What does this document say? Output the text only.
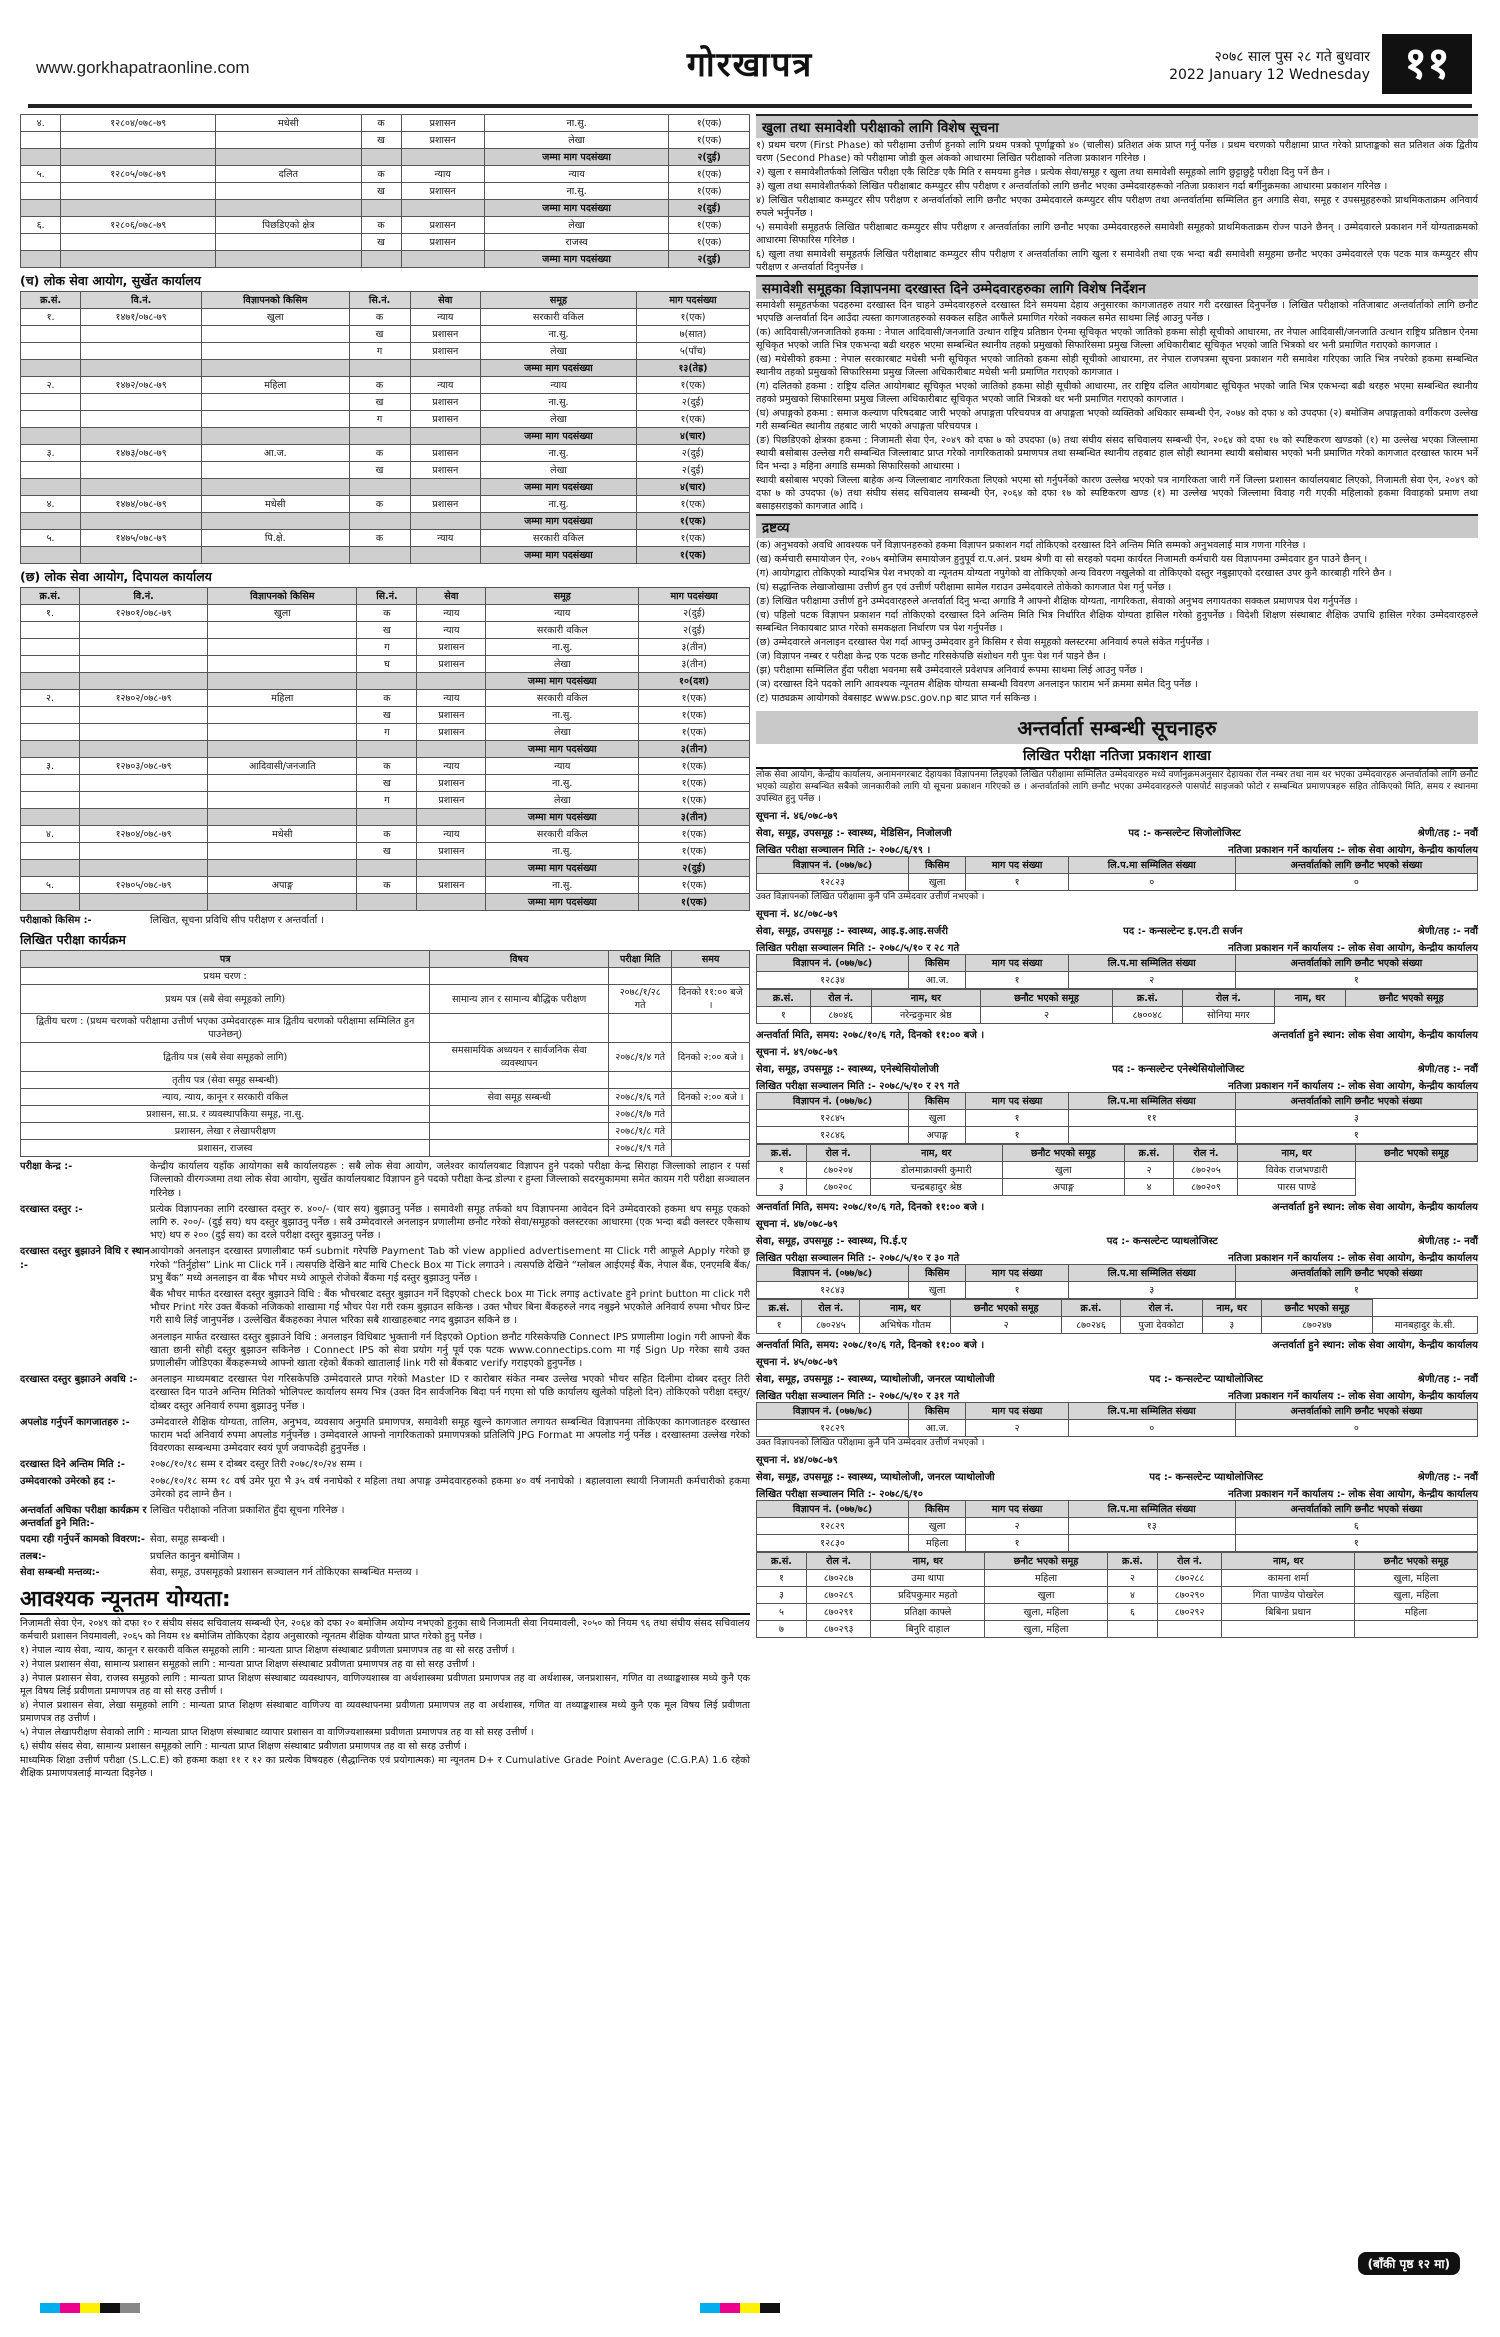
www.gorkhapatraonline.com	गोरखापत्र	२०७८ साल पुस २८ गते बुधवार
2022 January 12 Wednesday ११
४.	१२८०४/०७८-७९	मधेसी	क	प्रशासन	ना.सु.	१(एक)
			ख	प्रशासन	लेखा	१(एक)
					जम्मा माग पदसंख्या	२(दुई)
५.	१२८०५/०७८-७९	दलित	क	न्याय	न्याय	१(एक)
			ख	प्रशासन	ना.सु.	१(एक)
					जम्मा माग पदसंख्या	२(दुई)
६.	१२८०६/०७८-७९	पिछडिएको क्षेत्र	क	प्रशासन	लेखा	१(एक)
			ख	प्रशासन	राजस्व	१(एक)
					जम्मा माग पदसंख्या	२(दुई)
(च) लोक सेवा आयोग, सुर्खेत कार्यालय
क्र.सं.	वि.नं.	विज्ञापनको किसिम	सि.नं.	सेवा	समूह	माग पदसंख्या
१.	१४७१/०७८-७९	खुला	क	न्याय	सरकारी वकिल	१(एक)
			ख	प्रशासन	ना.सु.	७(सात)
			ग	प्रशासन	लेखा	५(पाँच)
					जम्मा माग पदसंख्या	१३(तेह्र)
२.	१४७२/०७८-७९	महिला	क	न्याय	न्याय	१(एक)
			ख	प्रशासन	ना.सु.	२(दुई)
			ग	प्रशासन	लेखा	१(एक)
					जम्मा माग पदसंख्या	४(चार)
३.	१४७३/०७८-७९	आ.ज.	क	प्रशासन	ना.सु.	२(दुई)
			ख	प्रशासन	लेखा	२(दुई)
					जम्मा माग पदसंख्या	४(चार)
४.	१४७४/०७८-७९	मधेसी	क	प्रशासन	ना.सु.	१(एक)
					जम्मा माग पदसंख्या	१(एक)
५.	१४७५/०७८-७९	पि.क्षे.	क	न्याय	सरकारी वकिल	१(एक)
					जम्मा माग पदसंख्या	१(एक)
(छ) लोक सेवा आयोग, दिपायल कार्यालय
क्र.सं.	वि.नं.	विज्ञापनको किसिम	सि.नं.	सेवा	समूह	माग पदसंख्या
१.	१२७०१/०७८-७९	खुला	क	न्याय	न्याय	२(दुई)
			ख	न्याय	सरकारी वकिल	२(दुई)
			ग	प्रशासन	ना.सु.	३(तीन)
			घ	प्रशासन	लेखा	३(तीन)
					जम्मा माग पदसंख्या	१०(दश)
२.	१२७०२/०७८-७९	महिला	क	न्याय	सरकारी वकिल	१(एक)
			ख	प्रशासन	ना.सु.	१(एक)
			ग	प्रशासन	लेखा	१(एक)
					जम्मा माग पदसंख्या	३(तीन)
३.	१२७०३/०७८-७९	आदिवासी/जनजाति	क	न्याय	न्याय	१(एक)
			ख	प्रशासन	ना.सु.	१(एक)
			ग	प्रशासन	लेखा	१(एक)
					जम्मा माग पदसंख्या	३(तीन)
४.	१२७०४/०७८-७९	मधेसी	क	न्याय	सरकारी वकिल	१(एक)
			ख	प्रशासन	ना.सु.	१(एक)
					जम्मा माग पदसंख्या	२(दुई)
५.	१२७०५/०७८-७९	अपाङ्ग	क	प्रशासन	ना.सु.	१(एक)
					जम्मा माग पदसंख्या	१(एक)
परीक्षाको किसिम :-	लिखित, सूचना प्रविधि सीप परीक्षण र अन्तर्वार्ता ।
लिखित परीक्षा कार्यक्रम
पत्र	विषय	परीक्षा मिति	समय
प्रथम चरण :			
प्रथम पत्र (सबै सेवा समूहको लागि)	सामान्य ज्ञान र सामान्य बौद्धिक परीक्षण	२०७८/१/२८ गते	दिनको ११:०० बजे ।
द्वितीय चरण : (प्रथम चरणको परीक्षामा उत्तीर्ण भएका उम्मेदवारहरू मात्र द्वितीय चरणको परीक्षामा सम्मिलित हुन पाउनेछन्)			
द्वितीय पत्र (सबै सेवा समूहको लागि)	समसामयिक अध्ययन र सार्वजनिक सेवा व्यवस्थापन	२०७८/१/४ गते	दिनको २:०० बजे ।
तृतीय पत्र (सेवा समूह सम्बन्धी)			
न्याय, न्याय, कानून र सरकारी वकिल	सेवा समूह सम्बन्धी	२०७८/१/६ गते	दिनको २:०० बजे ।
प्रशासन, सा.प्र. र व्यवस्थापकिया समूह, ना.सु.		२०७८/१/७ गते	
प्रशासन, लेखा र लेखापरीक्षण		२०७८/१/८ गते	
प्रशासन, राजस्व		२०७८/१/९ गते	
परीक्षा केन्द्र :-	केन्द्रीय कार्यालय यहाँक आयोगका सबै कार्यालयहरू : सबै लोक सेवा आयोग, जलेश्वर कार्यालयबाट विज्ञापन हुने पदको परीक्षा केन्द्र सिराहा जिल्लाको लाहान र पर्सा जिल्लाको वीरगञ्जमा तथा लोक सेवा आयोग, सुर्खेत कार्यालयबाट विज्ञापन हुने पदको परीक्षा केन्द्र डोल्पा र हुम्ला जिल्लाको सदरमुकाममा समेत कायम गरी परीक्षा सञ्चालन गरिनेछ ।
दरखास्त दस्तुर :-	प्रत्येक विज्ञापनका लागि दरखास्त दस्तुर रु. ४००/- (चार सय) बुझाउनु पर्नेछ । समावेशी समूह तर्फको थप विज्ञापनमा आवेदन दिने उम्मेदवारको हकमा थप समूह एकको लागि रु. २००/- (दुई सय) थप दस्तुर बुझाउनु पर्नेछ । सबै उम्मेदवारले अनलाइन प्रणालीमा छनौट गरेको सेवा/समूहको क्लस्टरका आधारमा (एक भन्दा बढी क्लस्टर एकैसाथ भए) थप रु २०० (दुई सय) का दरले परीक्षा दस्तुर बुझाउनु पर्नेछ ।
दरखास्त दस्तुर बुझाउने विधि र स्थान :-
आयोगको अनलाइन दरखास्त प्रणालीबाट फर्म submit गरेपछि Payment Tab को view applied advertisement मा Click गरी आफूले Apply गरेको छ्र गरेको “तिर्नुहोस” Link मा Click गर्ने । त्यसपछि देखिने बाट माथि Check Box मा Tick लगाउने । त्यसपछि देखिने “ग्लोबल आईएमई बैंक, नेपाल बैंक, एनएमबि बैंक/प्रभु बैंक” मध्ये अनलाइन वा बैंक भौचर मध्ये आफूले रोजेको बैंकमा गई दस्तुर बुझाउनु पर्नेछ ।
बैंक भौचर मार्फत दरखास्त दस्तुर बुझाउने विधि : बैंक भौचरबाट दस्तुर बुझाउन गर्ने दिइएको check box मा Tick लगाइ activate हुने print button मा click गरी भौचर Print गरेर उक्त बैंकको नजिकको शाखामा गई भौचर पेश गरी रकम बुझाउन सकिन्छ । उक्त भौचर बिना बैंकहरुले नगद नबुझ्ने भएकोले अनिवार्य रुपमा भौचर प्रिन्ट गरी साथै लिई जानुपर्नेछ । उल्लेखित बैंकहरुका नेपाल भरिका सबै शाखाहरुबाट नगद बुझाउन सकिने छ ।
अनलाइन मार्फत दरखास्त दस्तुर बुझाउने विधि : अनलाइन विधिबाट भुक्तानी गर्न दिइएको Option छनौट गरिसकेपछि Connect IPS प्रणालीमा login गरी आफ्नो बैंक खाता छानी सोही दस्तुर बुझाउन सकिनेछ । Connect IPS को सेवा प्रयोग गर्नु पूर्व एक पटक www.connectips.com मा गई Sign Up गरेका साथै उक्त प्रणालीसँग जोडिएका बैंकहरूमध्ये आफ्नो खाता रहेको बैंकको खातालाई link गरी सो बैंकबाट verify गराइएको हुनुपर्नेछ ।
दरखास्त दस्तुर बुझाउने अवधि :-	अनलाइन माध्यमबाट दरखास्त पेश गरिसकेपछि उम्मेदवारले प्राप्त गरेको Master ID र कारोबार संकेत नम्बर उल्लेख भएको भौचर सहित दिलीमा दोब्बर दस्तुर तिरी दरखास्त दिन पाउने अन्तिम मितिको भोलिपल्ट कार्यालय समय भित्र (उक्त दिन सार्वजनिक बिदा पर्न गएमा सो पछि कार्यालय खुलेको पहिलो दिन) तोकिएको परीक्षा दस्तुर/दोब्बर दस्तुर अनिवार्य रुपमा बुझाउनु पर्नेछ ।
अपलोड गर्नुपर्ने कागजातहरु :-	उम्मेदवारले शैक्षिक योग्यता, तालिम, अनुभव, व्यवसाय अनुमति प्रमाणपत्र, समावेशी समूह खुल्ने कागजात लगायत सम्बन्धित विज्ञापनमा तोकिएका कागजातहरु दरखास्त फाराम भर्दा अनिवार्य रुपमा अपलोड गर्नुपर्नेछ । उम्मेदवारले आफ्नो नागरिकताको प्रमाणपत्रको प्रतिलिपि JPG Format मा अपलोड गर्नु पर्नेछ । दरखास्तमा उल्लेख गरेको विवरणका सम्बन्धमा उम्मेदवार स्वयं पूर्ण जवाफदेही हुनुपर्नेछ ।
दरखास्त दिने अन्तिम मिति :-	२०७८/१०/१८ सम्म र दोब्बर दस्तुर तिरी २०७८/१०/२४ सम्म ।
उम्मेदवारको उमेरको हद :-	२०७८/१०/१८ सम्म १८ वर्ष उमेर पूरा भै ३५ वर्ष ननाघेको र महिला तथा अपाङ्ग उम्मेदवारहरुको हकमा ४० वर्ष ननाघेको । बहालवाला स्थायी निजामती कर्मचारीको हकमा उमेरको हद लाग्ने छैन ।
अन्तर्वार्ता अघिका परीक्षा कार्यक्रम र अन्तर्वार्ता हुने मिति:-
लिखित परीक्षाको नतिजा प्रकाशित हुँदा सूचना गरिनेछ ।
पदमा रही गर्नुपर्ने कामको विवरण:- सेवा, समूह सम्बन्धी ।
तलब:-	प्रचलित कानुन बमोजिम ।
सेवा सम्बन्धी मन्तव्य:-	सेवा, समूह, उपसमूहको प्रशासन सञ्चालन गर्न तोकिएका सम्बन्धित मन्तव्य ।
आवश्यक न्यूनतम योग्यता:

निजामती सेवा ऐन, २०४९ को दफा १० र संघीय संसद सचिवालय सम्बन्धी ऐन, २०६४ को दफा २० बमोजिम अयोग्य नभएको हुनुका साथै निजामती सेवा नियमावली, २०५० को नियम ९६ तथा संघीय संसद सचिवालय कर्मचारी प्रशासन नियमावली, २०६५ को नियम १४ बमोजिम तोकिएका देहाय अनुसारको न्यूनतम शैक्षिक योग्यता प्राप्त गरेको हुनु पर्नेछ ।

१) नेपाल न्याय सेवा, न्याय, कानून र सरकारी वकिल समूहको लागि : मान्यता प्राप्त शिक्षण संस्थाबाट प्रवीणता प्रमाणपत्र तह वा सो सरह उत्तीर्ण ।
२) नेपाल प्रशासन सेवा, सामान्य प्रशासन समूहको लागि : मान्यता प्राप्त शिक्षण संस्थाबाट प्रवीणता प्रमाणपत्र तह वा सो सरह उत्तीर्ण ।
३) नेपाल प्रशासन सेवा, राजस्व समूहको लागि : मान्यता प्राप्त शिक्षण संस्थाबाट व्यवस्थापन, वाणिज्यशास्त्र वा अर्थशास्त्रमा प्रवीणता प्रमाणपत्र तह वा अर्थशास्त्र, जनप्रशासन, गणित वा तथ्याङ्कशास्त्र मध्ये कुनै एक मूल विषय लिई प्रवीणता प्रमाणपत्र तह वा सो सरह उत्तीर्ण ।
४) नेपाल प्रशासन सेवा, लेखा समूहको लागि : मान्यता प्राप्त शिक्षण संस्थाबाट वाणिज्य वा व्यवस्थापनमा प्रवीणता प्रमाणपत्र तह वा अर्थशास्त्र, गणित वा तथ्याङ्कशास्त्र मध्ये कुनै एक मूल विषय लिई प्रवीणता प्रमाणपत्र तह उत्तीर्ण ।
५) नेपाल लेखापरीक्षण सेवाको लागि : मान्यता प्राप्त शिक्षण संस्थाबाट व्यापार प्रशासन वा वाणिज्यशास्त्रमा प्रवीणता प्रमाणपत्र तह वा सो सरह उत्तीर्ण ।
६) संघीय संसद सेवा, सामान्य प्रशासन समूहको लागि : मान्यता प्राप्त शिक्षण संस्थाबाट प्रवीणता प्रमाणपत्र तह वा सो सरह उत्तीर्ण ।
माध्यमिक शिक्षा उत्तीर्ण परीक्षा (S.L.C.E) को हकमा कक्षा ११ र १२ का प्रत्येक विषयहरु (सैद्धान्तिक एवं प्रयोगात्मक) मा न्यूनतम D+ र Cumulative Grade Point Average (C.G.P.A) 1.6 रहेको शैक्षिक प्रमाणपत्रलाई मान्यता दिइनेछ ।
खुला तथा समावेशी परीक्षाको लागि विशेष सूचना
१) प्रथम चरण (First Phase) को परीक्षामा उत्तीर्ण हुनको लागि प्रथम पत्रको पूर्णाङ्कको ४० (चालीस) प्रतिशत अंक प्राप्त गर्नु पर्नेछ । प्रथम चरणको परीक्षामा प्राप्त गरेको प्राप्ताङ्कको सत प्रतिशत अंक द्वितीय चरण (Second Phase) को परीक्षामा जोडी कूल अंकको आधारमा लिखित परीक्षाको नतिजा प्रकाशन गरिनेछ ।
२) खुला र समावेशीतर्फको लिखित परीक्षा एकै सिटिङ एकै मिति र समयमा हुनेछ । प्रत्येक सेवा/समूह र खुला तथा समावेशी समूहको लागि छुट्टाछुट्टै परीक्षा दिनु पर्ने छैन ।
३) खुला तथा समावेशीतर्फको लिखित परीक्षाबाट कम्प्युटर सीप परीक्षण र अन्तर्वार्ताको लागि छनौट भएका उम्मेदवारहरूको नतिजा प्रकाशन गर्दा बर्गीनुक्रमका आधारमा प्रकाशन गरिनेछ ।
४) लिखित परीक्षाबाट कम्प्युटर सीप परीक्षण र अन्तर्वार्ताको लागि छनौट भएका उम्मेदवारले कम्प्युटर सीप परीक्षण तथा अन्तर्वार्तामा सम्मिलित हुन अगाडि सेवा, समूह र उपसमूहहरुको प्राथमिकताक्रम अनिवार्य रुपले भर्नुपर्नेछ ।
५) समावेशी समूहतर्फ लिखित परीक्षाबाट कम्प्युटर सीप परीक्षण र अन्तर्वार्ताका लागि छनौट भएका उम्मेदवारहरुले समावेशी समूहको प्राथमिकताक्रम रोज्न पाउने छैनन् । उम्मेदवारले प्रकाशन गर्ने योग्यताक्रमको आधारमा सिफारिस गरिनेछ ।
६) खुला तथा समावेशी समूहतर्फ लिखित परीक्षाबाट कम्प्युटर सीप परीक्षण र अन्तर्वार्ताका लागि खुला र समावेशी तथा एक भन्दा बढी समावेशी समूहमा छनौट भएका उम्मेदवारले एक पटक मात्र कम्प्युटर सीप परीक्षण र अन्तर्वार्ता दिनुपर्नेछ ।
समावेशी समूहका विज्ञापनमा दरखास्त दिने उम्मेदवारहरुका लागि विशेष निर्देशन

समावेशी समूहतर्फका पदहरुमा दरखास्त दिन चाहने उम्मेदवारहरुले दरखास्त दिने समयमा देहाय अनुसारका कागजातहरु तयार गरी दरखास्त दिनुपर्नेछ । लिखित परीक्षाको नतिजाबाट अन्तर्वार्ताको लागि छनौट भएपछि अन्तर्वार्ता दिन आउँदा त्यस्ता कागजातहरुको सक्कल सहित आफैंले प्रमाणित गरेको नक्कल समेत साथमा लिई आउनु पर्नेछ ।

(क) आदिवासी/जनजातिको हकमा : नेपाल आदिवासी/जनजाति उत्थान राष्ट्रिय प्रतिष्ठान ऐनमा सूचिकृत भएको जातिको हकमा सोही सूचीको आधारमा, तर नेपाल आदिवासी/जनजाति उत्थान राष्ट्रिय प्रतिष्ठान ऐनमा सूचिकृत भएको जाति भित्र एकभन्दा बढी थरहरु भएमा सम्बन्धित स्थानीय तहको प्रमुखको सिफारिसमा प्रमुख जिल्ला अधिकारीबाट सूचिकृत भएको जाति भित्रको थर भनी प्रमाणित गराएको कागजात ।
(ख) मधेसीको हकमा : नेपाल सरकारबाट मधेसी भनी सूचिकृत भएको जातिको हकमा सोही सूचीको आधारमा, तर नेपाल राजपत्रमा सूचना प्रकाशन गरी समावेश गरिएका जाति भित्र नपरेको हकमा सम्बन्धित स्थानीय तहको प्रमुखको सिफारिसमा प्रमुख जिल्ला अधिकारीबाट मधेसी भनी प्रमाणित गराएको कागजात ।
(ग) दलितको हकमा : राष्ट्रिय दलित आयोगबाट सूचिकृत भएको जातिको हकमा सोही सूचीको आधारमा, तर राष्ट्रिय दलित आयोगबाट सूचिकृत भएको जाति भित्र एकभन्दा बढी थरहरु भएमा सम्बन्धित स्थानीय तहको प्रमुखको सिफारिसमा प्रमुख जिल्ला अधिकारीबाट सूचिकृत भएको जाति भित्रको थर भनी प्रमाणित गराएको कागजात ।
(घ) अपाङ्गको हकमा : समाज कल्याण परिषदबाट जारी भएको अपाङ्गता परिचयपत्र वा अपाङ्गता भएको व्यक्तिको अधिकार सम्बन्धी ऐन, २०७४ को दफा ४ को उपदफा (२) बमोजिम अपाङ्गताको वर्गीकरण उल्लेख गरी सम्बन्धित स्थानीय तहबाट जारी भएको अपाङ्गता परिचयपत्र ।
(ङ) पिछडिएको क्षेत्रका हकमा : निजामती सेवा ऐन, २०४९ को दफा ७ को उपदफा (७) तथा संघीय संसद सचिवालय सम्बन्धी ऐन, २०६४ को दफा १७ को स्पष्टिकरण खण्डको (१) मा उल्लेख भएका जिल्लामा स्थायी बसोबास उल्लेख गरी सम्बन्धित जिल्लाबाट प्राप्त गरेको नागरिकताको प्रमाणपत्र तथा सम्बन्धित स्थानीय तहबाट हाल सोही स्थानमा स्थायी बसोबास भएको भनी प्रमाणित गरेको कागजात दरखास्त फारम भर्ने दिन भन्दा ३ महिना अगाडि सम्मको सिफारिसको आधारमा ।
स्थायी बसोबास भएको जिल्ला बाहेक अन्य जिल्लाबाट नागरिकता लिएको भएमा सो गर्नुपर्नेको कारण उल्लेख भएको पत्र नागरिकता जारी गर्ने जिल्ला प्रशासन कार्यालयबाट लिएको, निजामती सेवा ऐन, २०४९ को दफा ७ को उपदफा (७) तथा संघीय संसद सचिवालय सम्बन्धी ऐन, २०६४ को दफा १७ को स्पष्टिकरण खण्ड (१) मा उल्लेख भएको जिल्लामा विवाह गरी गएकी महिलाको हकमा विवाहको प्रमाण तथा बसाइसराइको कागजात आदि ।
द्रष्टव्य
(क) अनुभवको अवधि आवश्यक पर्ने विज्ञापनहरुको हकमा विज्ञापन प्रकाशन गर्दा तोकिएको दरखास्त दिने अन्तिम मिति सम्मको अनुभवलाई मात्र गणना गरिनेछ ।
(ख) कर्मचारी समायोजन ऐन, २०७५ बमोजिम समायोजन हुनुपूर्व रा.प.अनं. प्रथम श्रेणी वा सो सरहको पदमा कार्यरत निजामती कर्मचारी यस विज्ञापनमा उम्मेदवार हुन पाउने छैनन् ।
(ग) आयोगद्वारा तोकिएको म्यादभित्र पेश नभएको वा न्यूनतम योग्यता नपुगेको वा तोकिएको अन्य विवरण नखुलेको वा तोकिएको दस्तुर नबुझाएको दरखास्त उपर कुनै कारबाही गरिने छैन ।
(घ) सद्धान्तिक लेखाजोखामा उत्तीर्ण हुन एवं उत्तीर्ण परीक्षामा सामेल गराउन उम्मेदवारले तोकेको कागजात पेश गर्नु पर्नेछ ।
(ङ) लिखित परीक्षामा उत्तीर्ण हुने उम्मेदवारहरुले अन्तर्वार्ता दिनु भन्दा अगाडि नै आफ्नो शैक्षिक योग्यता, नागरिकता, सेवाको अनुभव लगायतका सक्कल प्रमाणपत्र पेश गर्नुपर्नेछ ।
(च) पहिलो पटक विज्ञापन प्रकाशन गर्दा तोकिएको दरखास्त दिने अन्तिम मिति भित्र निर्धारित शैक्षिक योग्यता हासिल गरेको हुनुपर्नेछ । विदेशी शिक्षण संस्थाबाट शैक्षिक उपाधि हासिल गरेका उम्मेदवारहरुले सम्बन्धित निकायबाट प्राप्त गरेको समकक्षता निर्धारण पत्र पेश गर्नुपर्नेछ ।
(छ) उम्मेदवारले अनलाइन दरखास्त पेश गर्दा आफ्नु उम्मेदवार हुने किसिम र सेवा समूहको क्लस्टरमा अनिवार्य रुपले संकेत गर्नुपर्नेछ ।
(ज) विज्ञापन नम्बर र परीक्षा केन्द्र एक पटक छनौट गरिसकेपछि संशोधन गरी पुनः पेश गर्न पाइने छैन ।
(झ) परीक्षामा सम्मिलित हुँदा परीक्षा भवनमा सबै उम्मेदवारले प्रवेशपत्र अनिवार्य रूपमा साथमा लिई आउनु पर्नेछ ।
(ञ) दरखास्त दिने पदको लागि आवश्यक न्यूनतम शैक्षिक योग्यता सम्बन्धी विवरण अनलाइन फाराम भर्ने क्रममा समेत दिनु पर्नेछ ।
(ट) पाठ्यक्रम आयोगको वेबसाइट www.psc.gov.np बाट प्राप्त गर्न सकिन्छ ।
अन्तर्वार्ता सम्बन्धी सूचनाहरु
लिखित परीक्षा नतिजा प्रकाशन शाखा

लोक सेवा आयोग, केन्द्रीय कार्यालय, अनामनगरबाट देहायका विज्ञापनमा लिइएको लिखित परीक्षामा सम्मिलित उम्मेदवारहरु मध्ये वर्णानुक्रमअनुसार देहायका रोल नम्बर तथा नाम थर भएका उम्मेदवारहरु अन्तर्वार्ताको लागि छनौट भएको व्यहोरा सम्बन्धित सबैको जानकारीको लागि यो सूचना प्रकाशन गरिएको छ । अन्तर्वार्ताको लागि छनौट भएका उम्मेदवारहरुले पासपोर्ट साइजको फोटो र सम्बन्धित प्रमाणपत्रहरु सहित तोकिएको मिति, समय र स्थानमा उपस्थित हुनु पर्नेछ ।

सूचना नं. ४६/०७८-७९
सेवा, समूह, उपसमूह :- स्वास्थ्य, मेडिसिन, निजोलजी	पद :- कन्सल्टेन्ट सिजोलोजिस्ट	श्रेणी/तह :- नवौं
लिखित परीक्षा सञ्चालन मिति :- २०७८/६/१९ ।	नतिजा प्रकाशन गर्ने कार्यालय :- लोक सेवा आयोग, केन्द्रीय कार्यालय
विज्ञापन नं. (०७७/७८)	किसिम	माग पद संख्या	लि.प.मा सम्मिलित संख्या	अन्तर्वार्ताको लागि छनौट भएको संख्या
१२८२३	खुला	१	०	०
उक्त विज्ञापनको लिखित परीक्षामा कुनै पनि उम्मेदवार उत्तीर्ण नभएको ।
सूचना नं. ४८/०७८-७९
सेवा, समूह, उपसमूह :- स्वास्थ्य, आइ.इ.आइ.सर्जरी	पद :- कन्सल्टेन्ट इ.एन.टी सर्जन	श्रेणी/तह :- नवौं
लिखित परीक्षा सञ्चालन मिति :- २०७८/५/१० र २८ गते	नतिजा प्रकाशन गर्ने कार्यालय :- लोक सेवा आयोग, केन्द्रीय कार्यालय
विज्ञापन नं. (०७७/७८)	किसिम	माग पद संख्या	लि.प.मा सम्मिलित संख्या	अन्तर्वार्ताको लागि छनौट भएको संख्या
१२८३४	आ.ज.	१	२	१
क्र.सं.	रोल नं.	नाम, थर	छनौट भएको समूह	क्र.सं.	रोल नं.	नाम, थर	छनौट भएको समूह
१	८७०४६	नरेन्द्रकुमार श्रेष्ठ	२	८७००४८	सोनिया मगर		
अन्तर्वार्ता मिति, समय: २०७८/१०/६ गते, दिनको ११:०० बजे ।	अन्तर्वार्ता हुने स्थान: लोक सेवा आयोग, केन्द्रीय कार्यालय
सूचना नं. ४९/०७८-७९
सेवा, समूह, उपसमूह :- स्वास्थ्य, एनेस्थेसियोलोजी	पद :- कन्सल्टेन्ट एनेस्थेसियोलोजिस्ट	श्रेणी/तह :- नवौं
लिखित परीक्षा सञ्चालन मिति :- २०७८/५/१० र २९ गते	नतिजा प्रकाशन गर्ने कार्यालय :- लोक सेवा आयोग, केन्द्रीय कार्यालय
विज्ञापन नं. (०७७/७८)	किसिम	माग पद संख्या	लि.प.मा सम्मिलित संख्या	अन्तर्वार्ताको लागि छनौट भएको संख्या
१२८४५	खुला	१	११	३
१२८४६	अपाङ्ग	१		१
क्र.सं.	रोल नं.	नाम, थर	छनौट भएको समूह	क्र.सं.	रोल नं.	नाम, थर	छनौट भएको समूह
१	८७०२०४	डोलमाक्राक्सी कुमारी	खुला	२	८७०२०५	विवेक राजभण्डारी	
३	८७०२०८	चन्द्रबहादुर श्रेष्ठ	अपाङ्ग	४	८७०२०९	पारस पाण्डे	
अन्तर्वार्ता मिति, समय: २०७८/१०/६ गते, दिनको ११:०० बजे ।	अन्तर्वार्ता हुने स्थान: लोक सेवा आयोग, केन्द्रीय कार्यालय
सूचना नं. ४७/०७८-७९
सेवा, समूह, उपसमूह :- स्वास्थ्य, पि.ई.ए	पद :- कन्सल्टेन्ट प्याथलोजिस्ट	श्रेणी/तह :- नवौं
लिखित परीक्षा सञ्चालन मिति :- २०७८/५/१० र ३० गते	नतिजा प्रकाशन गर्ने कार्यालय :- लोक सेवा आयोग, केन्द्रीय कार्यालय
विज्ञापन नं. (०७७/७८)	किसिम	माग पद संख्या	लि.प.मा सम्मिलित संख्या	अन्तर्वार्ताको लागि छनौट भएको संख्या
१२८४३	खुला	१	३	१
क्र.सं.	रोल नं.	नाम, थर	छनौट भएको समूह	क्र.सं.	रोल नं.	नाम, थर	छनौट भएको समूह	
१	८७०२४५	अभिषेक गौतम	२	८७०२४६	पुजा देवकोटा	३	८७०२४७	मानबहादुर के.सी.
अन्तर्वार्ता मिति, समय: २०७८/१०/६ गते, दिनको ११:०० बजे ।	अन्तर्वार्ता हुने स्थान: लोक सेवा आयोग, केन्द्रीय कार्यालय
सूचना नं. ४५/०७८-७९
सेवा, समूह, उपसमूह :- स्वास्थ्य, प्याथोलोजी, जनरल प्याथोलोजी	पद :- कन्सल्टेन्ट प्याथोलोजिस्ट	श्रेणी/तह :- नवौं
लिखित परीक्षा सञ्चालन मिति :- २०७८/५/१० र ३१ गते	नतिजा प्रकाशन गर्ने कार्यालय :- लोक सेवा आयोग, केन्द्रीय कार्यालय
विज्ञापन नं. (०७७/७८)	किसिम	माग पद संख्या	लि.प.मा सम्मिलित संख्या	अन्तर्वार्ताको लागि छनौट भएको संख्या
१२८२९	आ.ज.	२	०	०
उक्त विज्ञापनको लिखित परीक्षामा कुनै पनि उम्मेदवार उत्तीर्ण नभएको ।
सूचना नं. ४४/०७८-७९
सेवा, समूह, उपसमूह :- स्वास्थ्य, प्याथोलोजी, जनरल प्याथोलोजी	पद :- कन्सल्टेन्ट प्याथोलोजिस्ट	श्रेणी/तह :- नवौं
लिखित परीक्षा सञ्चालन मिति :- २०७८/६/१०	नतिजा प्रकाशन गर्ने कार्यालय :- लोक सेवा आयोग, केन्द्रीय कार्यालय
विज्ञापन नं. (०७७/७८)	किसिम	माग पद संख्या	लि.प.मा सम्मिलित संख्या	अन्तर्वार्ताको लागि छनौट भएको संख्या
१२८२९	खुला	२	१३	६
१२८३०	महिला	१		१
क्र.सं.	रोल नं.	नाम, थर	छनौट भएको समूह	क्र.सं.	रोल नं.	नाम, थर	छनौट भएको समूह
१	८७०२८७	उमा थापा	महिला	२	८७०२८८	कामना शर्मा	खुला, महिला
३	८७०२८९	प्रदिपकुमार महतो	खुला	४	८७०२९०	गिता पाण्डेय पोखरेल	खुला, महिला
५	८७०२९१	प्रतिक्षा काफ्ले	खुला, महिला	६	८७०२९२	बिबिना प्रधान	महिला
७	८७०२९३	बिनुरि दाहाल	खुला, महिला				
(बाँकी पृष्ठ १२ मा)
